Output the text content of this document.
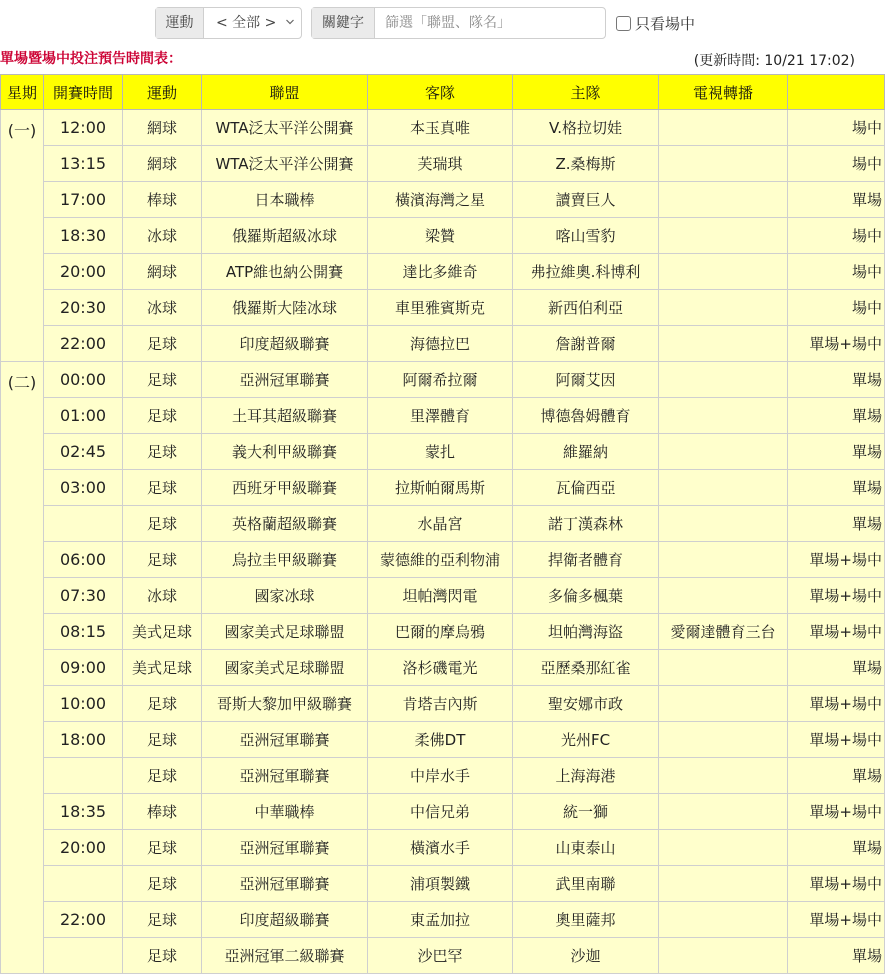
運動	< 全部 >	關鍵字
篩選「聯盟、隊名」	只看場中
單場暨場中投注預告時間表：	(更新時間: 10/21 17:02)
星期	開賽時間	運動	聯盟	客隊	主隊	電視轉播	
(一)	12:00	網球	WTA泛太平洋公開賽	本玉真唯	V.格拉切娃		場中
	13:15	網球	WTA泛太平洋公開賽	芙瑞琪	Z.桑梅斯		場中
	17:00	棒球	日本職棒	橫濱海灣之星	讀賣巨人		單場
	18:30	冰球	俄羅斯超級冰球	梁贊	喀山雪豹		場中
	20:00	網球	ATP維也納公開賽	達比多維奇	弗拉維奧.科博利		場中
	20:30	冰球	俄羅斯大陸冰球	車里雅賓斯克	新西伯利亞		場中
	22:00	足球	印度超級聯賽	海德拉巴	詹謝普爾		單場+場中
(二)	00:00	足球	亞洲冠軍聯賽	阿爾希拉爾	阿爾艾因		單場
	01:00	足球	土耳其超級聯賽	里澤體育	博德魯姆體育		單場
	02:45	足球	義大利甲級聯賽	蒙扎	維羅納		單場
	03:00	足球	西班牙甲級聯賽	拉斯帕爾馬斯	瓦倫西亞		單場
		足球	英格蘭超級聯賽	水晶宮	諾丁漢森林		單場
	06:00	足球	烏拉圭甲級聯賽	蒙德維的亞利物浦	捍衛者體育		單場+場中
	07:30	冰球	國家冰球	坦帕灣閃電	多倫多楓葉		單場+場中
	08:15	美式足球	國家美式足球聯盟	巴爾的摩烏鴉	坦帕灣海盜	愛爾達體育三台	單場+場中
	09:00	美式足球	國家美式足球聯盟	洛杉磯電光	亞歷桑那紅雀		單場
	10:00	足球	哥斯大黎加甲級聯賽	肯塔吉內斯	聖安娜市政		單場+場中
	18:00	足球	亞洲冠軍聯賽	柔佛DT	光州FC		單場+場中
		足球	亞洲冠軍聯賽	中岸水手	上海海港		單場
	18:35	棒球	中華職棒	中信兄弟	統一獅		單場+場中
	20:00	足球	亞洲冠軍聯賽	橫濱水手	山東泰山		單場
		足球	亞洲冠軍聯賽	浦項製鐵	武里南聯		單場+場中
	22:00	足球	印度超級聯賽	東孟加拉	奧里薩邦		單場+場中
		足球	亞洲冠軍二級聯賽	沙巴罕	沙迦		單場
